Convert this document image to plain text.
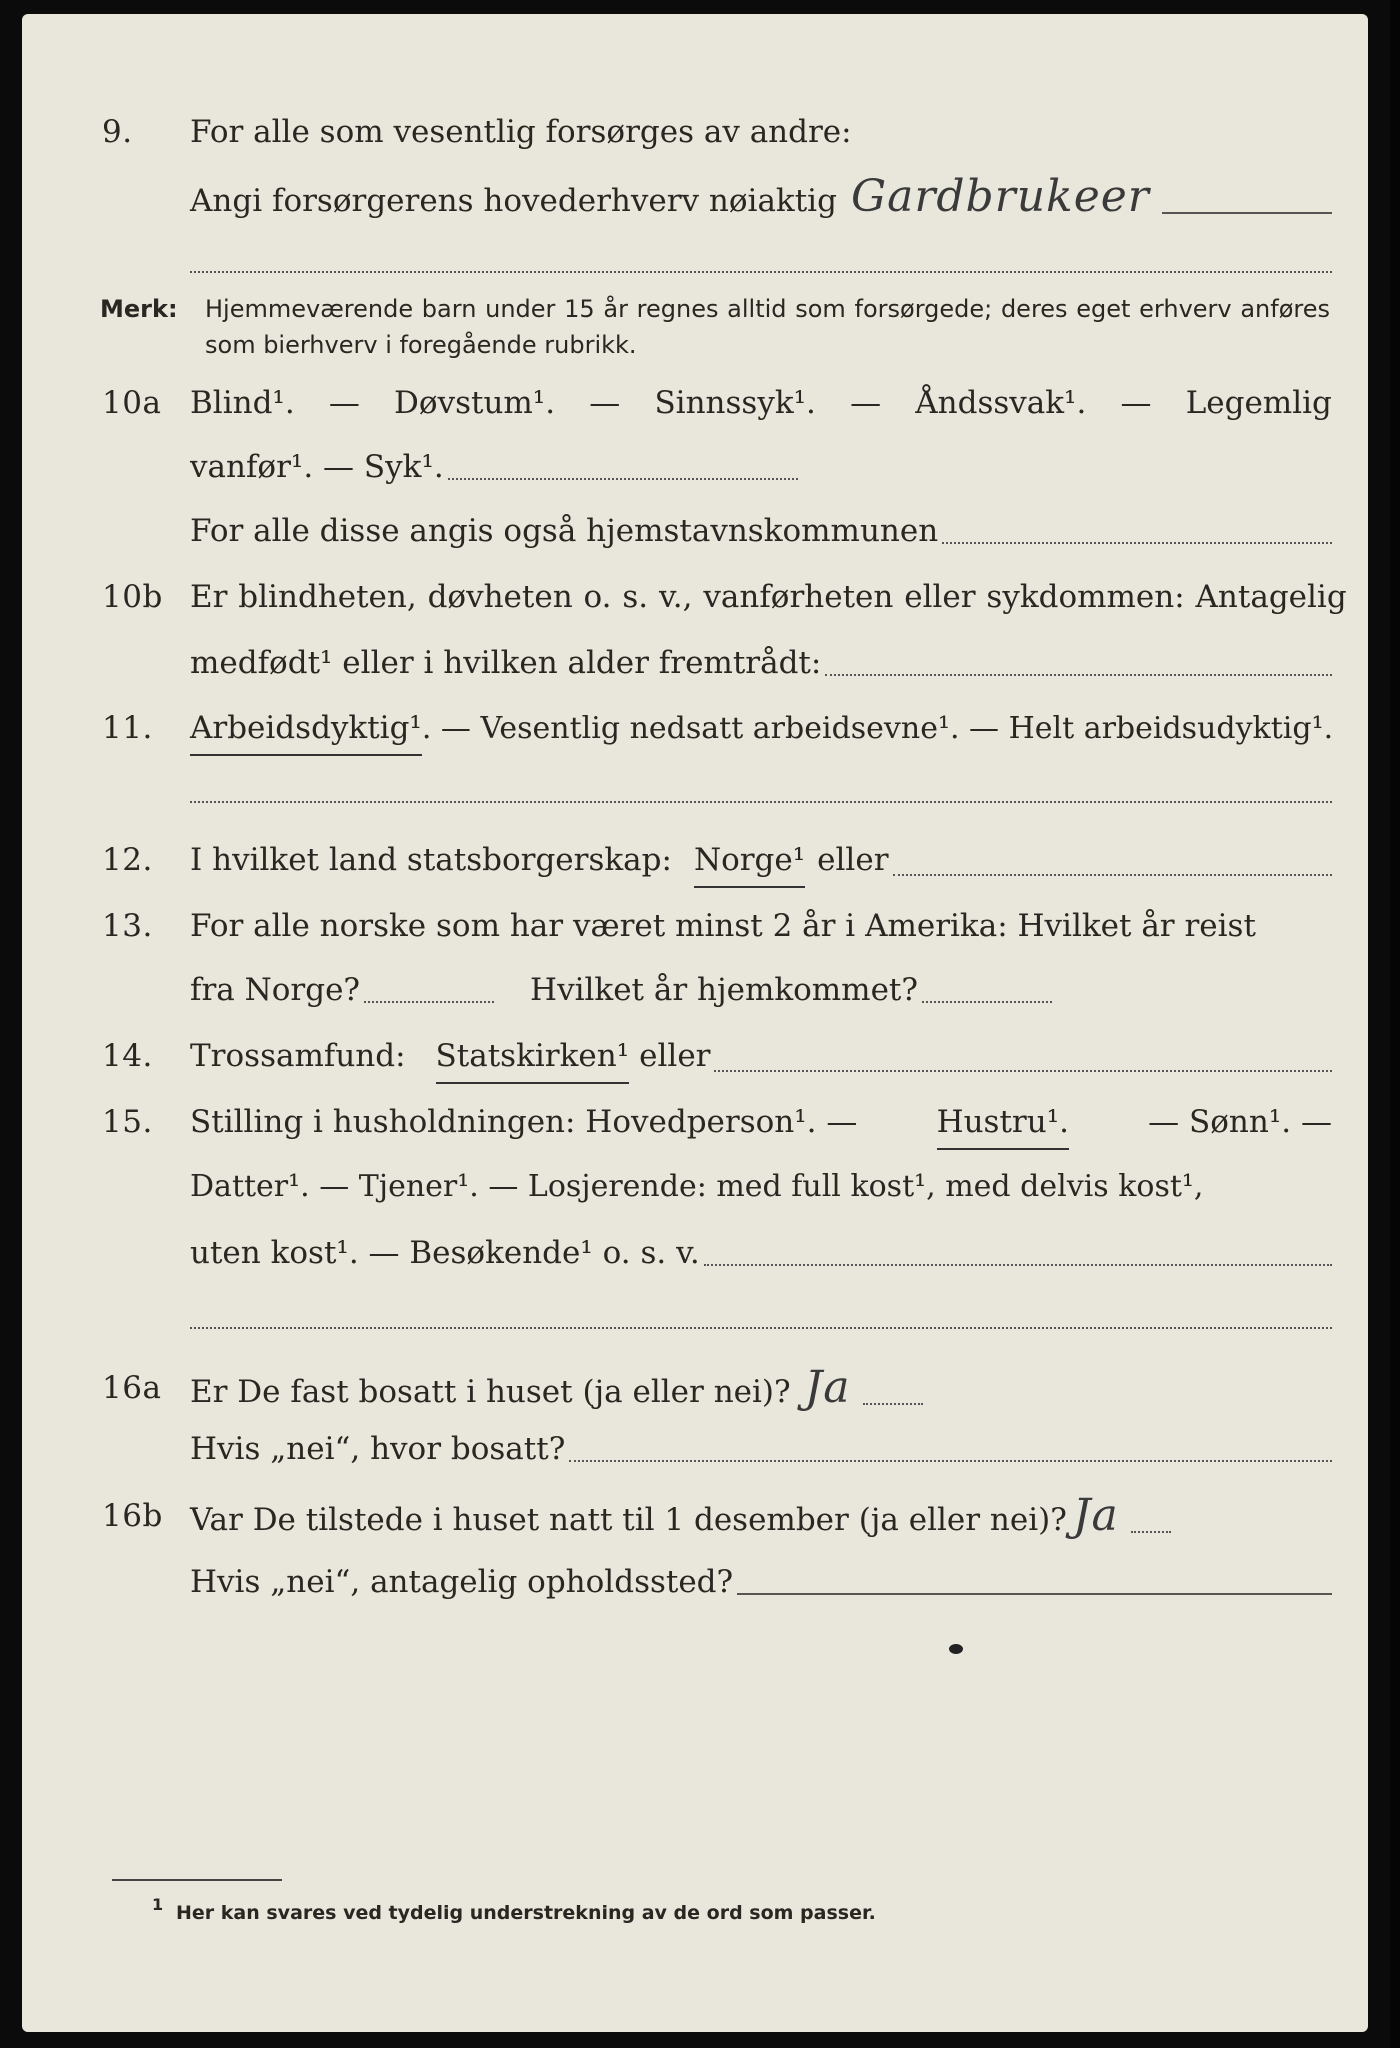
9. For alle som vesentlig forsørges av andre:
Angi forsørgerens hovederhverv nøiaktig Gardbrukeer
Merk: Hjemmeværende barn under 15 år regnes alltid som forsørgede; deres eget erhverv anføres som bierhverv i foregående rubrikk.
10a Blind¹. — Døvstum¹. — Sinnssyk¹. — Åndssvak¹. — Legemlig
vanfør¹. — Syk¹.
For alle disse angis også hjemstavnskommunen
10b Er blindheten, døvheten o. s. v., vanførheten eller sykdommen: Antagelig
medfødt¹ eller i hvilken alder fremtrådt:
11. Arbeidsdyktig¹ . — Vesentlig nedsatt arbeidsevne¹. — Helt arbeidsudyktig¹.
12. I hvilket land statsborgerskap: Norge¹ eller
13. For alle norske som har været minst 2 år i Amerika: Hvilket år reist
fra Norge?	Hvilket år hjemkommet?
14. Trossamfund: Statskirken¹ eller
15. Stilling i husholdningen: Hovedperson¹. —	Hustru¹.	— Sønn¹. —
Datter¹. — Tjener¹. — Losjerende: med full kost¹, med delvis kost¹,
uten kost¹. — Besøkende¹ o. s. v.
16a Er De fast bosatt i huset (ja eller nei)? Ja
Hvis „nei“, hvor bosatt?
16b Var De tilstede i huset natt til 1 desember (ja eller nei)? Ja
Hvis „nei“, antagelig opholdssted?
1 Her kan svares ved tydelig understrekning av de ord som passer.
